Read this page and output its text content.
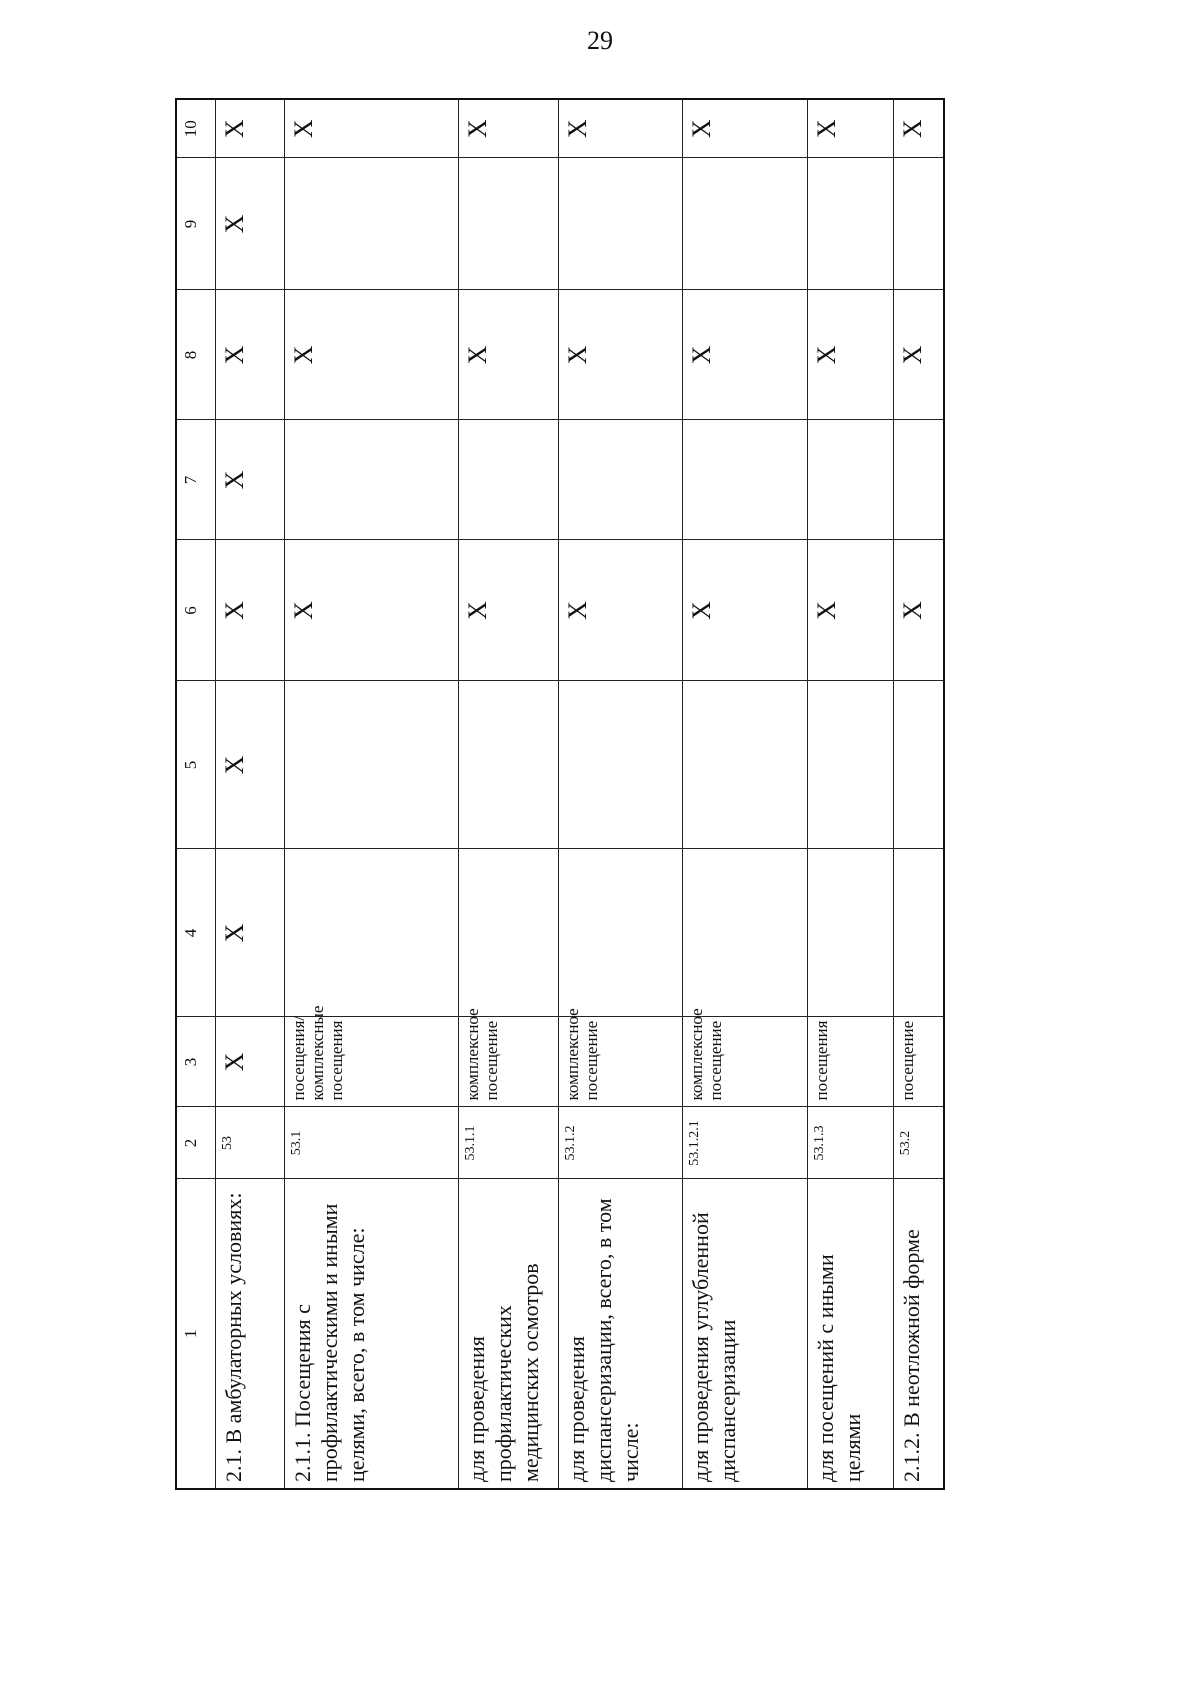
29
1	2	3	4	5	6	7	8	9	10
2.1. В амбулаторных условиях:	53	Х	Х	Х	Х	Х	Х	Х	Х
2.1.1. Посещения с профилактическими и иными целями, всего, в том числе:	53.1	посещения/ комплексные посещения			Х		Х		Х
для проведения профилактических медицинских осмотров	53.1.1	комплексное посещение			Х		Х		Х
для проведения диспансеризации, всего, в том числе:	53.1.2	комплексное посещение			Х		Х		Х
для проведения углубленной диспансеризации	53.1.2.1	комплексное посещение			Х		Х		Х
для посещений с иными целями	53.1.3	посещения			Х		Х		Х
2.1.2. В неотложной форме	53.2	посещение			Х		Х		Х
